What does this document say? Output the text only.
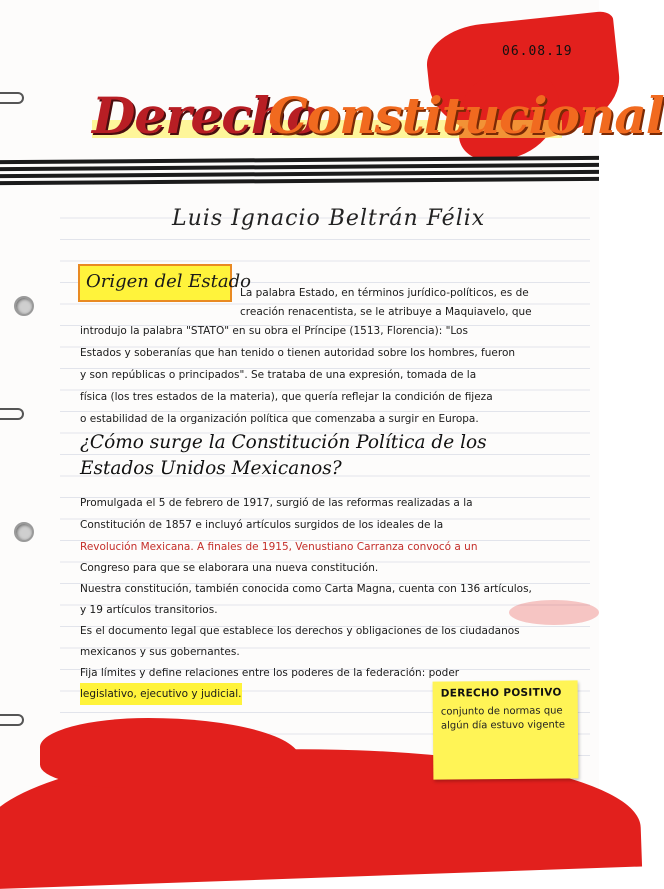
06.08.19
Derecho
Constitucional
Luis Ignacio Beltrán Félix
Origen del Estado
La palabra Estado, en términos jurídico-políticos, es de
creación renacentista, se le atribuye a Maquiavelo, que
introdujo la palabra "STATO" en su obra el Príncipe (1513, Florencia): "Los
Estados y soberanías que han tenido o tienen autoridad sobre los hombres, fueron
y son repúblicas o principados". Se trataba de una expresión, tomada de la
física (los tres estados de la materia), que quería reflejar la condición de fijeza
o estabilidad de la organización política que comenzaba a surgir en Europa.
¿Cómo surge la Constitución Política de los Estados Unidos Mexicanos?
Promulgada el 5 de febrero de 1917, surgió de las reformas realizadas a la
Constitución de 1857 e incluyó artículos surgidos de los ideales de la
Revolución Mexicana. A finales de 1915, Venustiano Carranza convocó a un
Congreso para que se elaborara una nueva constitución.
Nuestra constitución, también conocida como Carta Magna, cuenta con 136 artículos,
y 19 artículos transitorios.
Es el documento legal que establece los derechos y obligaciones de los ciudadanos
mexicanos y sus gobernantes.
Fija límites y define relaciones entre los poderes de la federación: poder
legislativo, ejecutivo y judicial.	DERECHO POSITIVO
conjunto de normas que algún día estuvo vigente
